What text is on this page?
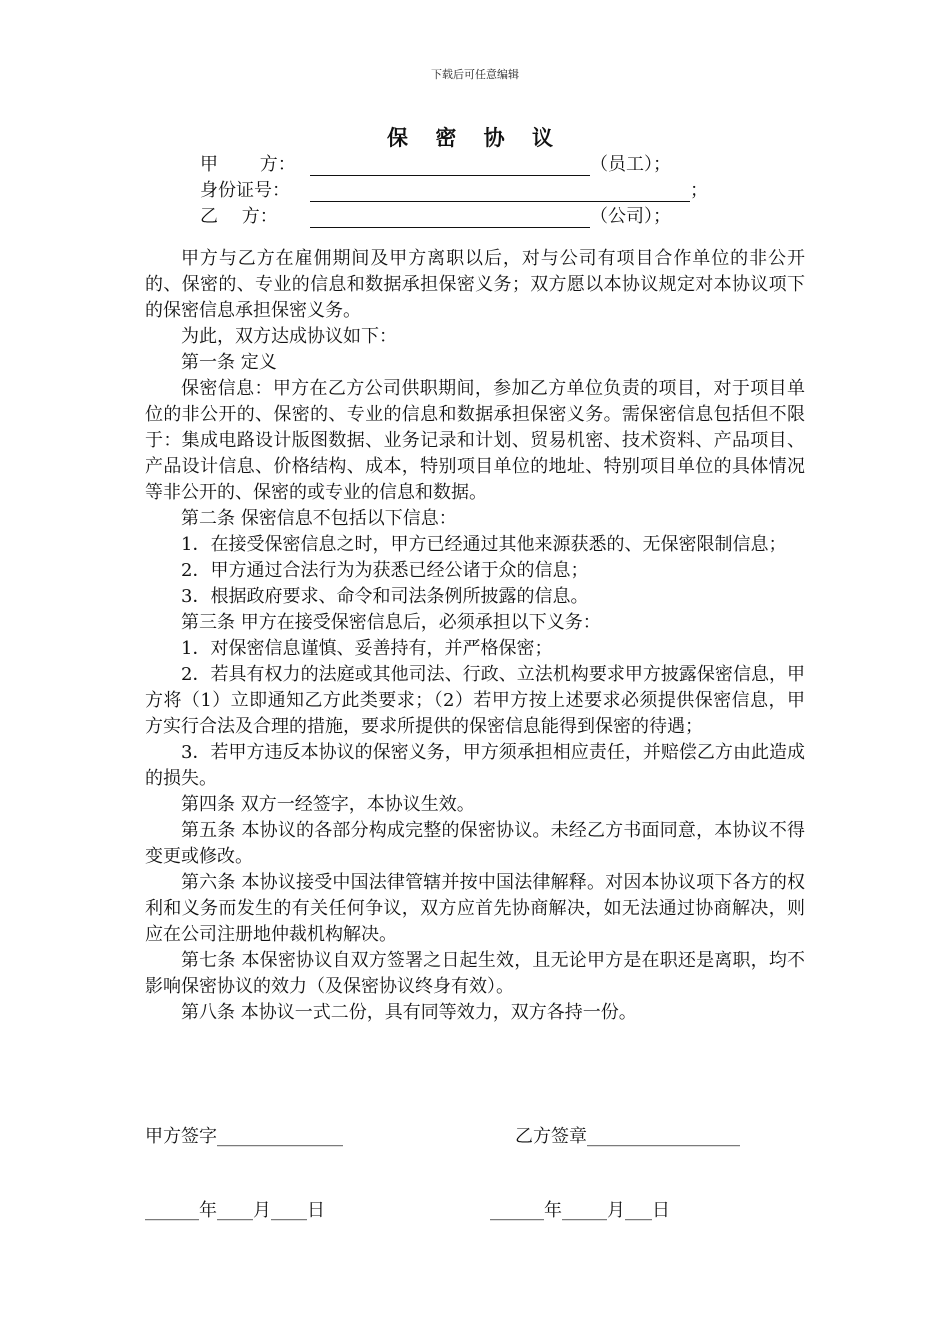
下载后可任意编辑
保 密 协 议
甲　　 方：	（员工）；
身份证号：	；
乙　 方：	（公司）；

甲方与乙方在雇佣期间及甲方离职以后，对与公司有项目合作单位的非公开的、保密的、专业的信息和数据承担保密义务；双方愿以本协议规定对本协议项下的保密信息承担保密义务。

为此，双方达成协议如下：

第一条 定义

保密信息：甲方在乙方公司供职期间，参加乙方单位负责的项目，对于项目单位的非公开的、保密的、专业的信息和数据承担保密义务。需保密信息包括但不限于：集成电路设计版图数据、业务记录和计划、贸易机密、技术资料、产品项目、产品设计信息、价格结构、成本，特别项目单位的地址、特别项目单位的具体情况等非公开的、保密的或专业的信息和数据。

第二条 保密信息不包括以下信息：

1．在接受保密信息之时，甲方已经通过其他来源获悉的、无保密限制信息；

2．甲方通过合法行为为获悉已经公诸于众的信息；

3．根据政府要求、命令和司法条例所披露的信息。

第三条 甲方在接受保密信息后，必须承担以下义务：

1．对保密信息谨慎、妥善持有，并严格保密；

2．若具有权力的法庭或其他司法、行政、立法机构要求甲方披露保密信息，甲方将（1）立即通知乙方此类要求；（2）若甲方按上述要求必须提供保密信息，甲方实行合法及合理的措施，要求所提供的保密信息能得到保密的待遇；

3．若甲方违反本协议的保密义务，甲方须承担相应责任，并赔偿乙方由此造成的损失。

第四条 双方一经签字，本协议生效。

第五条 本协议的各部分构成完整的保密协议。未经乙方书面同意，本协议不得变更或修改。

第六条 本协议接受中国法律管辖并按中国法律解释。对因本协议项下各方的权利和义务而发生的有关任何争议，双方应首先协商解决，如无法通过协商解决，则应在公司注册地仲裁机构解决。

第七条 本保密协议自双方签署之日起生效，且无论甲方是在职还是离职，均不影响保密协议的效力（及保密协议终身有效）。

第八条 本协议一式二份，具有同等效力，双方各持一份。

甲方签字______________	乙方签章_________________
______年____月____日	______年_____月___日
